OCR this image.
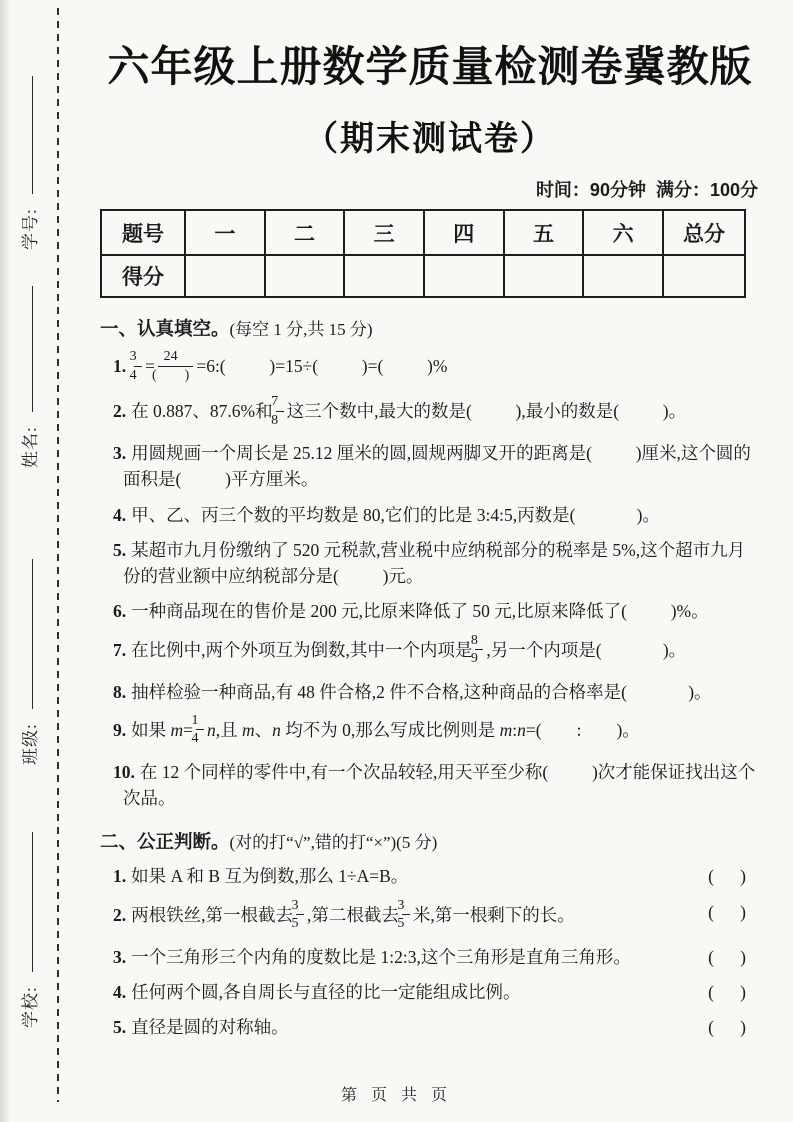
学号:
姓名:
班级:
学校:
六年级上册数学质量检测卷冀教版
（期末测试卷）
时间：90分钟  满分：100分
题号	一	二	三	四	五	六	总分
得分							
一、认真填空。(每空 1 分,共 15 分)
1. $\frac{3}{4} = \frac{24}{( )}$ =6:(          )=15÷(          )=(          )%
2. 在 0.887、87.6%和 $\frac{7}{8}$ 这三个数中,最大的数是(          ),最小的数是(          )。
3. 用圆规画一个周长是 25.12 厘米的圆,圆规两脚叉开的距离是(          )厘米,这个圆的面积是(          )平方厘米。
4. 甲、乙、丙三个数的平均数是 80,它们的比是 3:4:5,丙数是(              )。
5. 某超市九月份缴纳了 520 元税款,营业税中应纳税部分的税率是 5%,这个超市九月份的营业额中应纳税部分是(          )元。
6. 一种商品现在的售价是 200 元,比原来降低了 50 元,比原来降低了(          )%。
7. 在比例中,两个外项互为倒数,其中一个内项是 $\frac{8}{9}$ ,另一个内项是(              )。
8. 抽样检验一种商品,有 48 件合格,2 件不合格,这种商品的合格率是(              )。
9. 如果 $m= \frac{1}{4} n$,且 m、n 均不为 0,那么写成比例则是 m:n=(        :        )。
10. 在 12 个同样的零件中,有一个次品较轻,用天平至少称(          )次才能保证找出这个次品。
二、公正判断。(对的打“√”,错的打“×”)(5 分)
1. 如果 A 和 B 互为倒数,那么 1÷A=B。	(      )
2. 两根铁丝,第一根截去 $\frac{3}{5}$ ,第二根截去 $\frac{3}{5}$ 米,第一根剩下的长。	(      )
3. 一个三角形三个内角的度数比是 1:2:3,这个三角形是直角三角形。	(      )
4. 任何两个圆,各自周长与直径的比一定能组成比例。	(      )
5. 直径是圆的对称轴。	(      )
第 页 共 页
